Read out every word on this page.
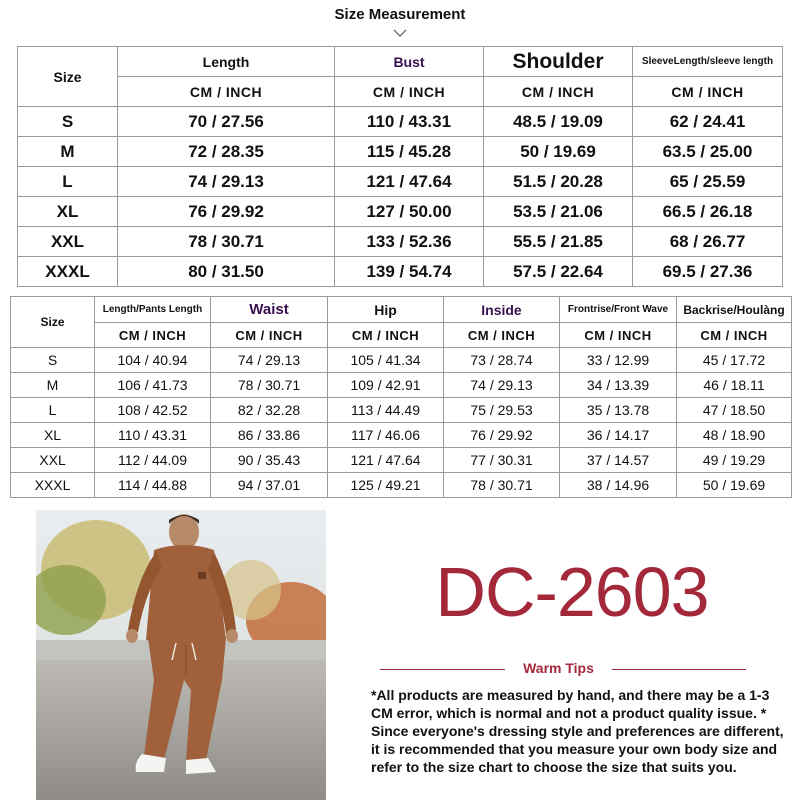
Size Measurement
Size	Length	Bust	Shoulder	SleeveLength/sleeve length
	CM / INCH	CM / INCH	CM / INCH	CM / INCH
S	70 / 27.56	110 / 43.31	48.5 / 19.09	62 / 24.41
M	72 / 28.35	115 / 45.28	50 / 19.69	63.5 / 25.00
L	74 / 29.13	121 / 47.64	51.5 / 20.28	65 / 25.59
XL	76 / 29.92	127 / 50.00	53.5 / 21.06	66.5 / 26.18
XXL	78 / 30.71	133 / 52.36	55.5 / 21.85	68 / 26.77
XXXL	80 / 31.50	139 / 54.74	57.5 / 22.64	69.5 / 27.36
Size	Length/Pants Length	Waist	Hip	Inside	Frontrise/Front Wave	Backrise/Houlàng
	CM / INCH	CM / INCH	CM / INCH	CM / INCH	CM / INCH	CM / INCH
S	104 / 40.94	74 / 29.13	105 / 41.34	73 / 28.74	33 / 12.99	45 / 17.72
M	106 / 41.73	78 / 30.71	109 / 42.91	74 / 29.13	34 / 13.39	46 / 18.11
L	108 / 42.52	82 / 32.28	113 / 44.49	75 / 29.53	35 / 13.78	47 / 18.50
XL	110 / 43.31	86 / 33.86	117 / 46.06	76 / 29.92	36 / 14.17	48 / 18.90
XXL	112 / 44.09	90 / 35.43	121 / 47.64	77 / 30.31	37 / 14.57	49 / 19.29
XXXL	114 / 44.88	94 / 37.01	125 / 49.21	78 / 30.71	38 / 14.96	50 / 19.69
DC-2603
Warm Tips
*All products are measured by hand, and there may be a 1-3 CM error, which is normal and not a product quality issue. * Since everyone's dressing style and preferences are different, it is recommended that you measure your own body size and refer to the size chart to choose the size that suits you.
